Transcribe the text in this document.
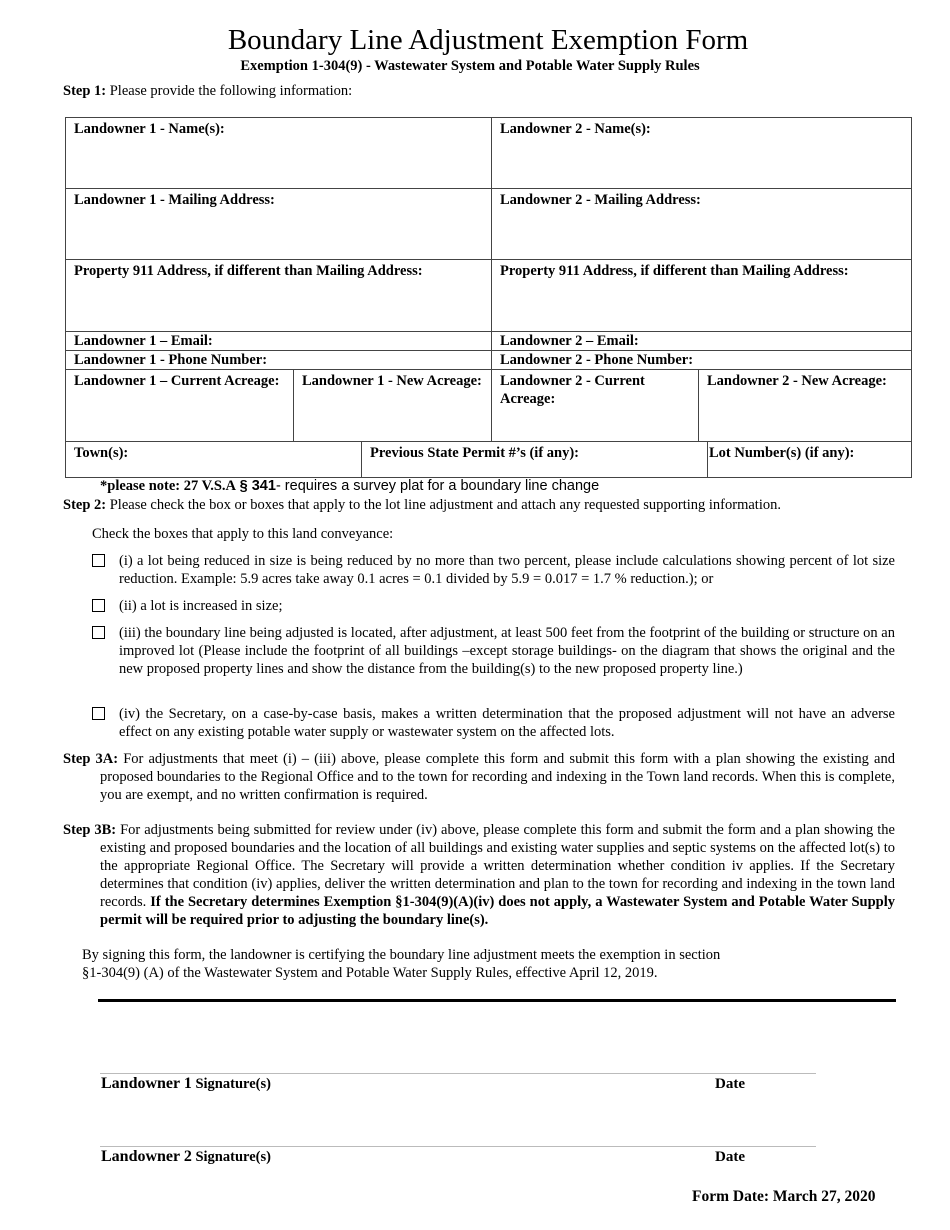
Boundary Line Adjustment Exemption Form
Exemption 1-304(9) - Wastewater System and Potable Water Supply Rules
Step 1: Please provide the following information:
Landowner 1 - Name(s):			Landowner 2 - Name(s):		
Landowner 1 - Mailing Address:			Landowner 2 - Mailing Address:		
Property 911 Address, if different than Mailing Address:			Property 911 Address, if different than Mailing Address:		
Landowner 1 – Email:			Landowner 2 – Email:		
Landowner 1 - Phone Number:			Landowner 2 - Phone Number:		
Landowner 1 – Current Acreage:	Landowner 1 - New Acreage:		Landowner 2 - Current Acreage:	Landowner 2 - New Acreage:	
Town(s):		Previous State Permit #’s (if any):			Lot Number(s) (if any):
*please note: 27 V.S.A § 341- requires a survey plat for a boundary line change
Step 2: Please check the box or boxes that apply to the lot line adjustment and attach any requested supporting information.
Check the boxes that apply to this land conveyance:
(i) a lot being reduced in size is being reduced by no more than two percent, please include calculations showing percent of lot size reduction. Example: 5.9 acres take away 0.1 acres = 0.1 divided by 5.9 = 0.017 = 1.7 % reduction.); or
(ii) a lot is increased in size;
(iii) the boundary line being adjusted is located, after adjustment, at least 500 feet from the footprint of the building or structure on an improved lot (Please include the footprint of all buildings –except storage buildings- on the diagram that shows the original and the new proposed property lines and show the distance from the building(s) to the new proposed property line.)
(iv) the Secretary, on a case-by-case basis, makes a written determination that the proposed adjustment will not have an adverse effect on any existing potable water supply or wastewater system on the affected lots.
Step 3A: For adjustments that meet (i) – (iii) above, please complete this form and submit this form with a plan showing the existing and proposed boundaries to the Regional Office and to the town for recording and indexing in the Town land records. When this is complete, you are exempt, and no written confirmation is required.
Step 3B: For adjustments being submitted for review under (iv) above, please complete this form and submit the form and a plan showing the existing and proposed boundaries and the location of all buildings and existing water supplies and septic systems on the affected lot(s) to the appropriate Regional Office. The Secretary will provide a written determination whether condition iv applies. If the Secretary determines that condition (iv) applies, deliver the written determination and plan to the town for recording and indexing in the town land records. If the Secretary determines Exemption §1-304(9)(A)(iv) does not apply, a Wastewater System and Potable Water Supply permit will be required prior to adjusting the boundary line(s).
By signing this form, the landowner is certifying the boundary line adjustment meets the exemption in section
§1-304(9) (A) of the Wastewater System and Potable Water Supply Rules, effective April 12, 2019.
Landowner 1 Signature(s)	Date
Landowner 2 Signature(s)	Date
Form Date: March 27, 2020
